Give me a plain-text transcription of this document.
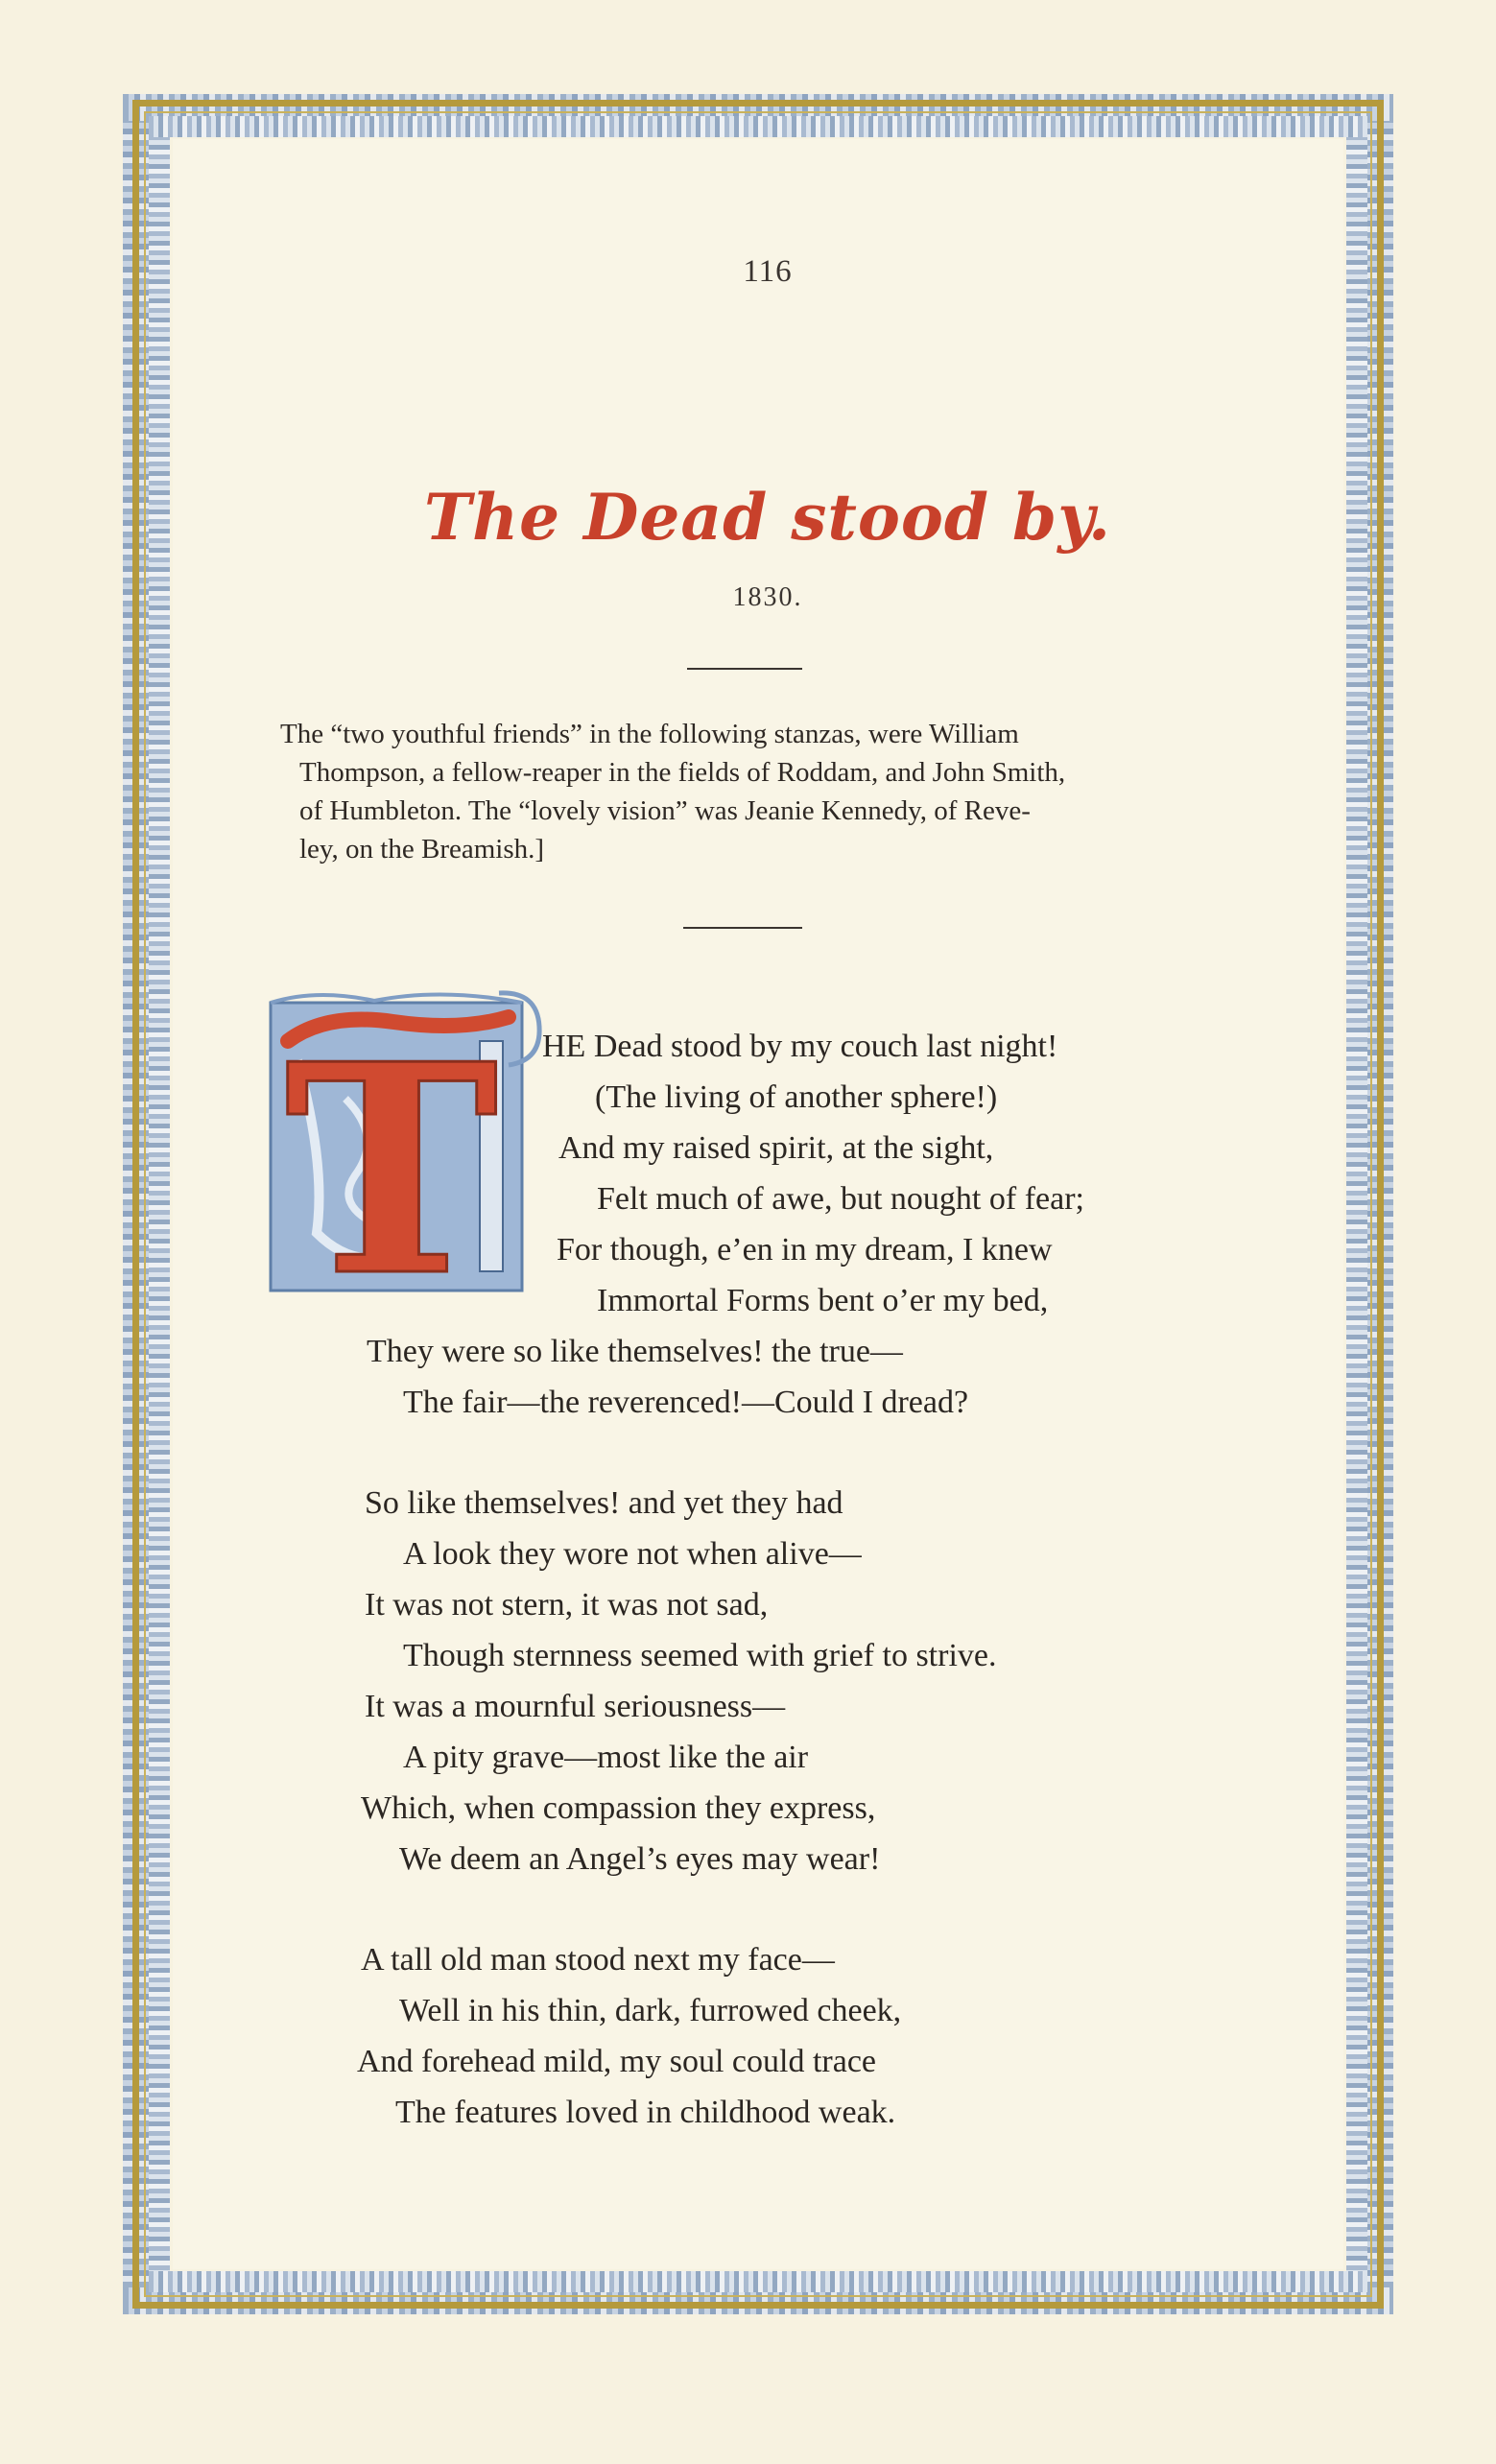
116
The Dead stood by.
1830.
The “two youthful friends” in the following stanzas, were William
Thompson, a fellow-reaper in the fields of Roddam, and John Smith,
of Humbleton. The “lovely vision” was Jeanie Kennedy, of Reve-
ley, on the Breamish.]
T HE Dead stood by my couch last night!
(The living of another sphere!)
And my raised spirit, at the sight,
Felt much of awe, but nought of fear;
For though, e’en in my dream, I knew
Immortal Forms bent o’er my bed,
They were so like themselves! the true—
The fair—the reverenced!—Could I dread?
So like themselves! and yet they had
A look they wore not when alive—
It was not stern, it was not sad,
Though sternness seemed with grief to strive.
It was a mournful seriousness—
A pity grave—most like the air
Which, when compassion they express,
We deem an Angel’s eyes may wear!
A tall old man stood next my face—
Well in his thin, dark, furrowed cheek,
And forehead mild, my soul could trace
The features loved in childhood weak.
